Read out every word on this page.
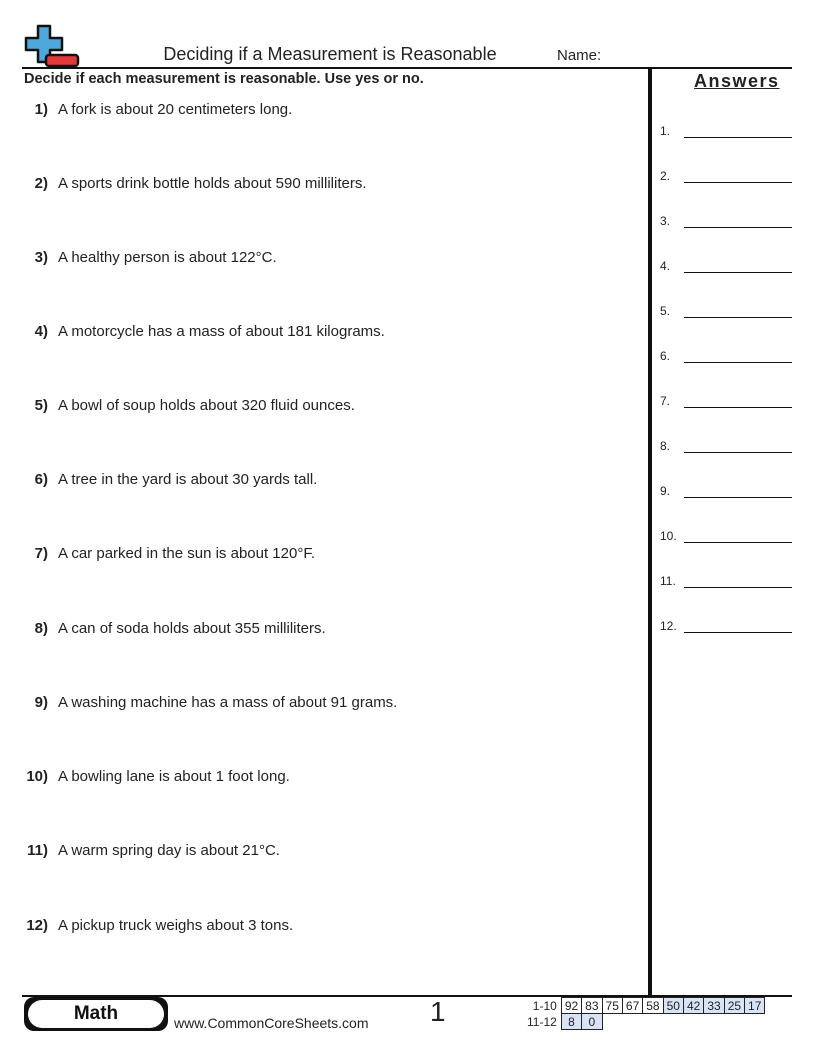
Deciding if a Measurement is Reasonable	Name:
Decide if each measurement is reasonable. Use yes or no.	Answers
1) A fork is about 20 centimeters long.
2) A sports drink bottle holds about 590 milliliters.
3) A healthy person is about 122°C.
4) A motorcycle has a mass of about 181 kilograms.
5) A bowl of soup holds about 320 fluid ounces.
6) A tree in the yard is about 30 yards tall.
7) A car parked in the sun is about 120°F.
8) A can of soda holds about 355 milliliters.
9) A washing machine has a mass of about 91 grams.
10) A bowling lane is about 1 foot long.
11) A warm spring day is about 21°C.
12) A pickup truck weighs about 3 tons.
1.
2.
3.
4.
5.
6.
7.
8.
9.
10.
11.
12.
Math	www.CommonCoreSheets.com 1	1-10	92	83	75	67	58	50	42	33	25	17
11-12	8	0								
